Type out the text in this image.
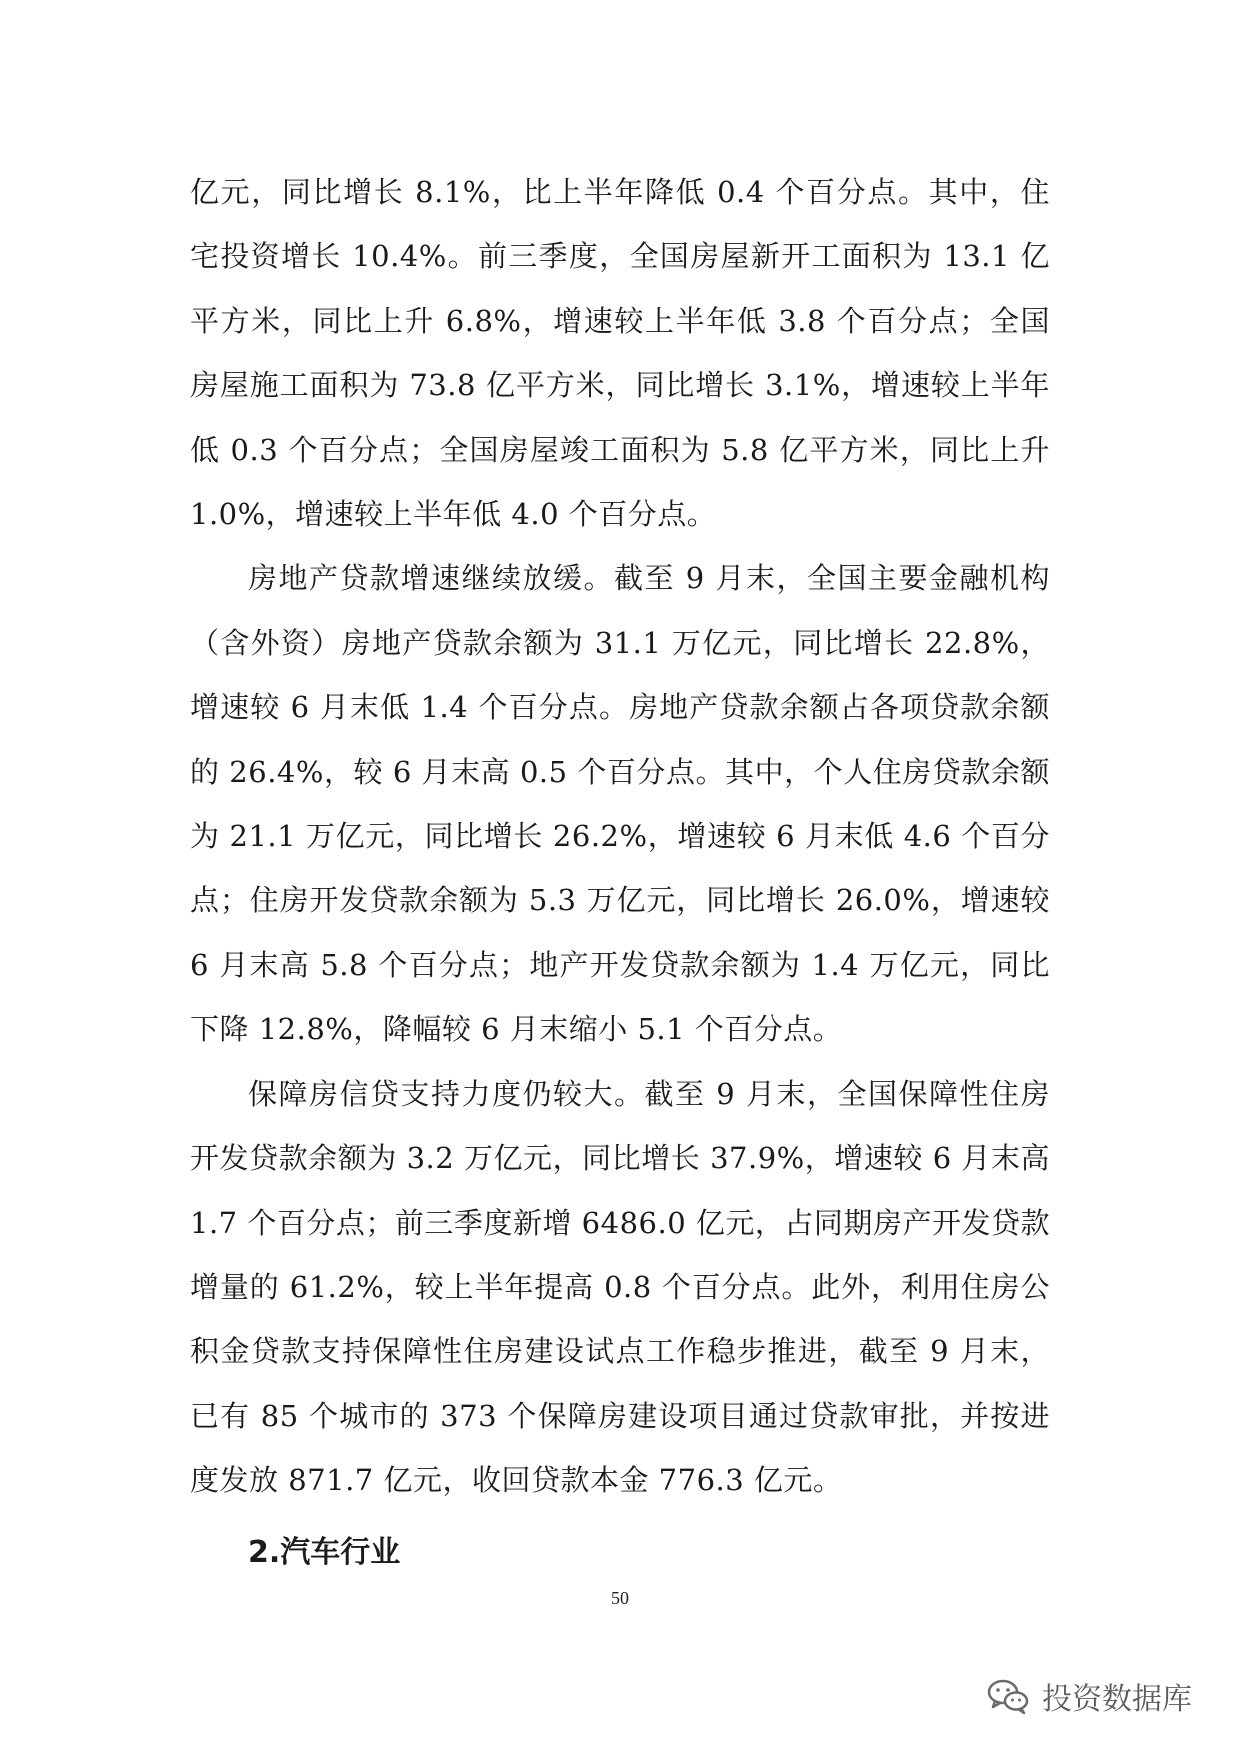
亿元，同比增长 8.1%，比上半年降低 0.4 个百分点。其中，住宅投资增长 10.4%。前三季度，全国房屋新开工面积为 13.1 亿平方米，同比上升 6.8%，增速较上半年低 3.8 个百分点；全国房屋施工面积为 73.8 亿平方米，同比增长 3.1%，增速较上半年低 0.3 个百分点；全国房屋竣工面积为 5.8 亿平方米，同比上升 1.0%，增速较上半年低 4.0 个百分点。

房地产贷款增速继续放缓。截至 9 月末，全国主要金融机构（含外资）房地产贷款余额为 31.1 万亿元，同比增长 22.8%，增速较 6 月末低 1.4 个百分点。房地产贷款余额占各项贷款余额的 26.4%，较 6 月末高 0.5 个百分点。其中，个人住房贷款余额为 21.1 万亿元，同比增长 26.2%，增速较 6 月末低 4.6 个百分点；住房开发贷款余额为 5.3 万亿元，同比增长 26.0%，增速较 6 月末高 5.8 个百分点；地产开发贷款余额为 1.4 万亿元，同比下降 12.8%，降幅较 6 月末缩小 5.1 个百分点。

保障房信贷支持力度仍较大。截至 9 月末，全国保障性住房开发贷款余额为 3.2 万亿元，同比增长 37.9%，增速较 6 月末高 1.7 个百分点；前三季度新增 6486.0 亿元，占同期房产开发贷款增量的 61.2%，较上半年提高 0.8 个百分点。此外，利用住房公积金贷款支持保障性住房建设试点工作稳步推进，截至 9 月末，已有 85 个城市的 373 个保障房建设项目通过贷款审批，并按进度发放 871.7 亿元，收回贷款本金 776.3 亿元。

2.汽车行业
50
投资数据库
